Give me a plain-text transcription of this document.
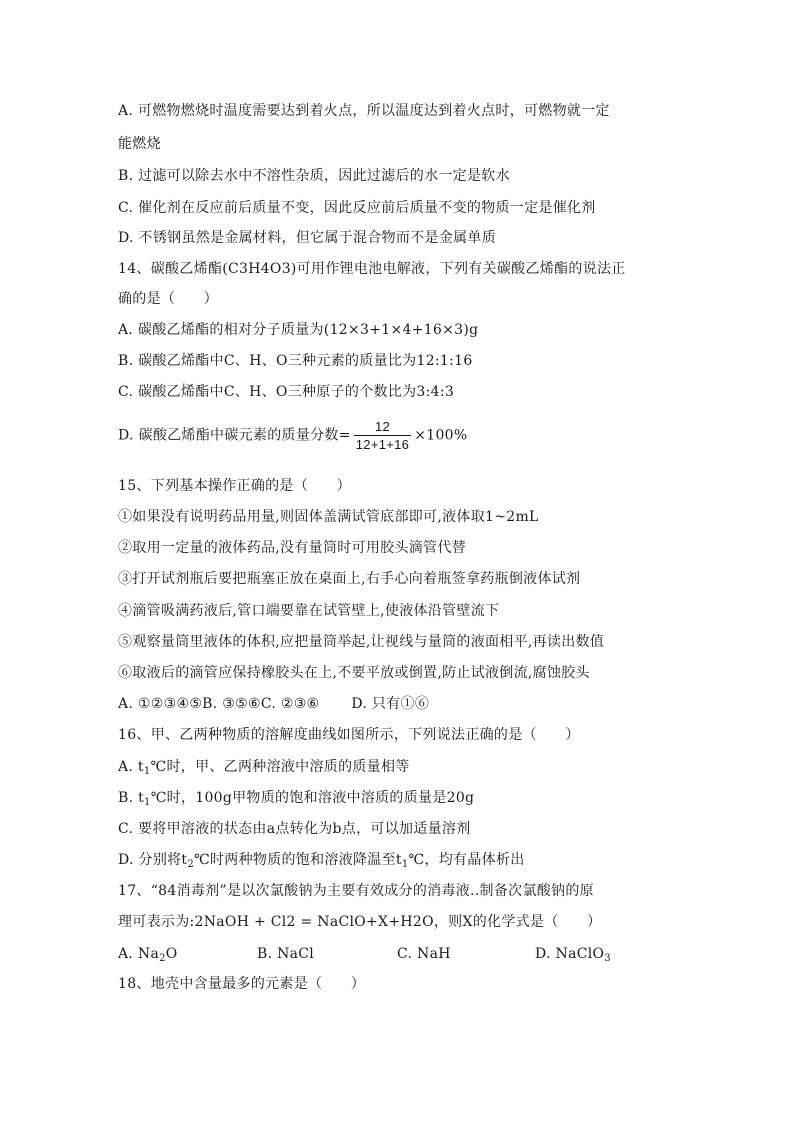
A. 可燃物燃烧时温度需要达到着火点，所以温度达到着火点时，可燃物就一定
能燃烧
B. 过滤可以除去水中不溶性杂质，因此过滤后的水一定是软水
C. 催化剂在反应前后质量不变，因此反应前后质量不变的物质一定是催化剂
D. 不锈钢虽然是金属材料，但它属于混合物而不是金属单质
14、碳酸乙烯酯(C3H4O3)可用作锂电池电解液，下列有关碳酸乙烯酯的说法正
确的是（　　）
A. 碳酸乙烯酯的相对分子质量为(12×3+1×4+16×3)g
B. 碳酸乙烯酯中C、H、O三种元素的质量比为12:1:16
C. 碳酸乙烯酯中C、H、O三种原子的个数比为3:4:3
D. 碳酸乙烯酯中碳元素的质量分数= $\frac{12}{12+1+16} \times 100\%$
15、下列基本操作正确的是（　　）
①如果没有说明药品用量,则固体盖满试管底部即可,液体取1~2mL
②取用一定量的液体药品,没有量筒时可用胶头滴管代替
③打开试剂瓶后要把瓶塞正放在桌面上,右手心向着瓶签拿药瓶倒液体试剂
④滴管吸满药液后,管口端要靠在试管壁上,使液体沿管壁流下
⑤观察量筒里液体的体积,应把量筒举起,让视线与量筒的液面相平,再读出数值
⑥取液后的滴管应保持橡胶头在上,不要平放或倒置,防止试液倒流,腐蚀胶头
A. ①②③④⑤B. ③⑤⑥C. ②③⑥ D. 只有①⑥
16、甲、乙两种物质的溶解度曲线如图所示，下列说法正确的是（　　）
A. $t_1℃$时，甲、乙两种溶液中溶质的质量相等
B. $t_1℃$时，100g甲物质的饱和溶液中溶质的质量是20g
C. 要将甲溶液的状态由a点转化为b点，可以加适量溶剂
D. 分别将$t_2℃$时两种物质的饱和溶液降温至$t_1℃$，均有晶体析出
17、“84消毒剂”是以次氯酸钠为主要有效成分的消毒液..制备次氯酸钠的原
理可表示为:2NaOH + Cl2 = NaClO+X+H2O，则X的化学式是（　　）
A. $Na_2O$	B. NaCl	C. NaH	D. NaClO$_3$
18、地壳中含量最多的元素是（　　）
